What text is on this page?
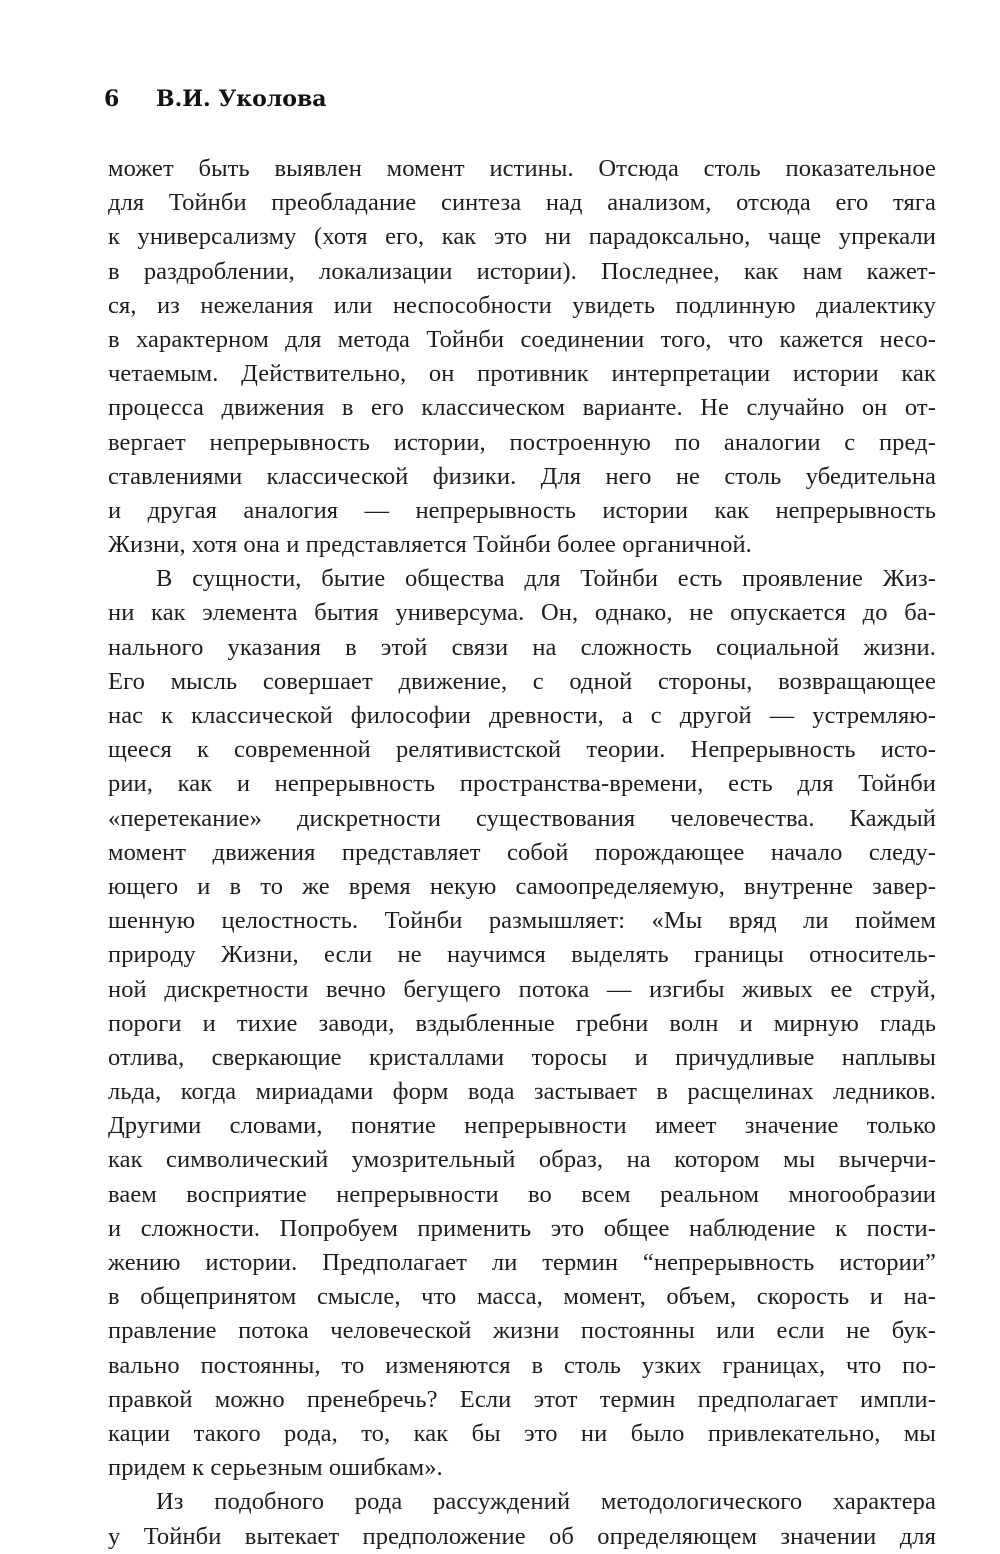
6 В.И. Уколова
может быть выявлен момент истины. Отсюда столь показательное
для Тойнби преобладание синтеза над анализом, отсюда его тяга
к универсализму (хотя его, как это ни парадоксально, чаще упрекали
в раздроблении, локализации истории). Последнее, как нам кажет-
ся, из нежелания или неспособности увидеть подлинную диалектику
в характерном для метода Тойнби соединении того, что кажется несо-
четаемым. Действительно, он противник интерпретации истории как
процесса движения в его классическом варианте. Не случайно он от-
вергает непрерывность истории, построенную по аналогии с пред-
ставлениями классической физики. Для него не столь убедительна
и другая аналогия — непрерывность истории как непрерывность
Жизни, хотя она и представляется Тойнби более органичной.
В сущности, бытие общества для Тойнби есть проявление Жиз-
ни как элемента бытия универсума. Он, однако, не опускается до ба-
нального указания в этой связи на сложность социальной жизни.
Его мысль совершает движение, с одной стороны, возвращающее
нас к классической философии древности, а с другой — устремляю-
щееся к современной релятивистской теории. Непрерывность исто-
рии, как и непрерывность пространства-времени, есть для Тойнби
«перетекание» дискретности существования человечества. Каждый
момент движения представляет собой порождающее начало следу-
ющего и в то же время некую самоопределяемую, внутренне завер-
шенную целостность. Тойнби размышляет: «Мы вряд ли поймем
природу Жизни, если не научимся выделять границы относитель-
ной дискретности вечно бегущего потока — изгибы живых ее струй,
пороги и тихие заводи, вздыбленные гребни волн и мирную гладь
отлива, сверкающие кристаллами торосы и причудливые наплывы
льда, когда мириадами форм вода застывает в расщелинах ледников.
Другими словами, понятие непрерывности имеет значение только
как символический умозрительный образ, на котором мы вычерчи-
ваем восприятие непрерывности во всем реальном многообразии
и сложности. Попробуем применить это общее наблюдение к пости-
жению истории. Предполагает ли термин “непрерывность истории”
в общепринятом смысле, что масса, момент, объем, скорость и на-
правление потока человеческой жизни постоянны или если не бук-
вально постоянны, то изменяются в столь узких границах, что по-
правкой можно пренебречь? Если этот термин предполагает импли-
кации такого рода, то, как бы это ни было привлекательно, мы
придем к серьезным ошибкам».
Из подобного рода рассуждений методологического характера
у Тойнби вытекает предположение об определяющем значении для
